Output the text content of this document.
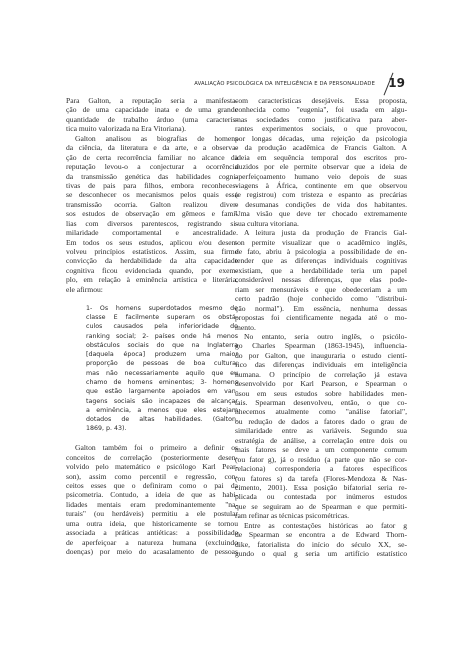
AVALIAÇÃO PSICOLÓGICA DA INTELIGÊNCIA E DA PERSONALIDADE 19
Para Galton, a reputação seria a manifesta-
ção de uma capacidade inata e de uma grande
quantidade de trabalho árduo (uma caracterís-
tica muito valorizada na Era Vitoriana).
Galton analisou as biografias de homens
da ciência, da literatura e da arte, e a observa-
ção de certa recorrência familiar no alcance da
reputação levou-o a conjecturar a ocorrência
da transmissão genética das habilidades cogni-
tivas de pais para filhos, embora reconheces-
se desconhecer os mecanismos pelos quais essa
transmissão ocorria. Galton realizou diver-
sos estudos de observação em gêmeos e famí-
lias com diversos parentescos, registrando si-
milaridade comportamental e ancestralidade.
Em todos os seus estudos, aplicou e/ou desen-
volveu princípios estatísticos. Assim, sua firme
convicção da herdabilidade da alta capacidade
cognitiva ficou evidenciada quando, por exem-
plo, em relação à eminência artística e literária,
ele afirmou:
1- Os homens superdotados mesmo de
classe E facilmente superam os obstá-
culos causados pela inferioridade do
ranking social; 2- países onde há menos
obstáculos sociais do que na Inglaterra
[daquela época] produzem uma maior
proporção de pessoas de boa cultura,
mas não necessariamente aquilo que eu
chamo de homens eminentes; 3- homens
que estão largamente apoiados em van-
tagens sociais são incapazes de alcançar
a eminência, a menos que eles estejam
dotados de altas habilidades. (Galton,
1869, p. 43).
Galton também foi o primeiro a definir os
conceitos de correlação (posteriormente desen-
volvido pelo matemático e psicólogo Karl Pear-
son), assim como percentil e regressão, con-
ceitos esses que o definiram como o pai da
psicometria. Contudo, a ideia de que as habi-
lidades mentais eram predominantemente "na-
turais" (ou herdáveis) permitiu a ele postular
uma outra ideia, que historicamente se tornou
associada a práticas antiéticas: a possibilidade
de aperfeiçoar a natureza humana (excluindo
doenças) por meio do acasalamento de pessoas
com características desejáveis. Essa proposta,
conhecida como "eugenia", foi usada em algu-
mas sociedades como justificativa para aber-
rantes experimentos sociais, o que provocou,
por longas décadas, uma rejeição da psicologia
e da produção acadêmica de Francis Galton. A
ideia em sequência temporal dos escritos pro-
duzidos por ele permite observar que a ideia de
aperfeiçoamento humano veio depois de suas
viagens à África, continente em que observou
(e registrou) com tristeza e espanto as precárias
e desumanas condições de vida dos habitantes.
Uma visão que deve ter chocado extremamente
sua cultura vitoriana.
A leitura justa da produção de Francis Gal-
ton permite visualizar que o acadêmico inglês,
de fato, abriu à psicologia a possibilidade de en-
tender que as diferenças individuais cognitivas
existiam, que a herdabilidade teria um papel
considerável nessas diferenças, que elas pode-
riam ser mensuráveis e que obedeceriam a um
certo padrão (hoje conhecido como "distribui-
ção normal"). Em essência, nenhuma dessas
propostas foi cientificamente negada até o mo-
mento.
No entanto, seria outro inglês, o psicólo-
go Charles Spearman (1863-1945), influencia-
do por Galton, que inauguraria o estudo cientí-
fico das diferenças individuais em inteligência
humana. O princípio de correlação já estava
desenvolvido por Karl Pearson, e Spearman o
usou em seus estudos sobre habilidades men-
tais. Spearman desenvolveu, então, o que co-
nhecemos atualmente como "análise fatorial",
ou redução de dados a fatores dado o grau de
similaridade entre as variáveis. Segundo sua
estratégia de análise, a correlação entre dois ou
mais fatores se deve a um componente comum
(ou fator g), já o resíduo (a parte que não se cor-
relaciona) corresponderia a fatores específicos
(ou fatores s) da tarefa (Flores-Mendoza & Nas-
cimento, 2001). Essa posição bifatorial seria re-
plicada ou contestada por inúmeros estudos
que se seguiram ao de Spearman e que permiti-
ram refinar as técnicas psicométricas.
Entre as contestações históricas ao fator g
de Spearman se encontra a de Edward Thorn-
dike, fatorialista do início do século XX, se-
gundo o qual g seria um artifício estatístico
